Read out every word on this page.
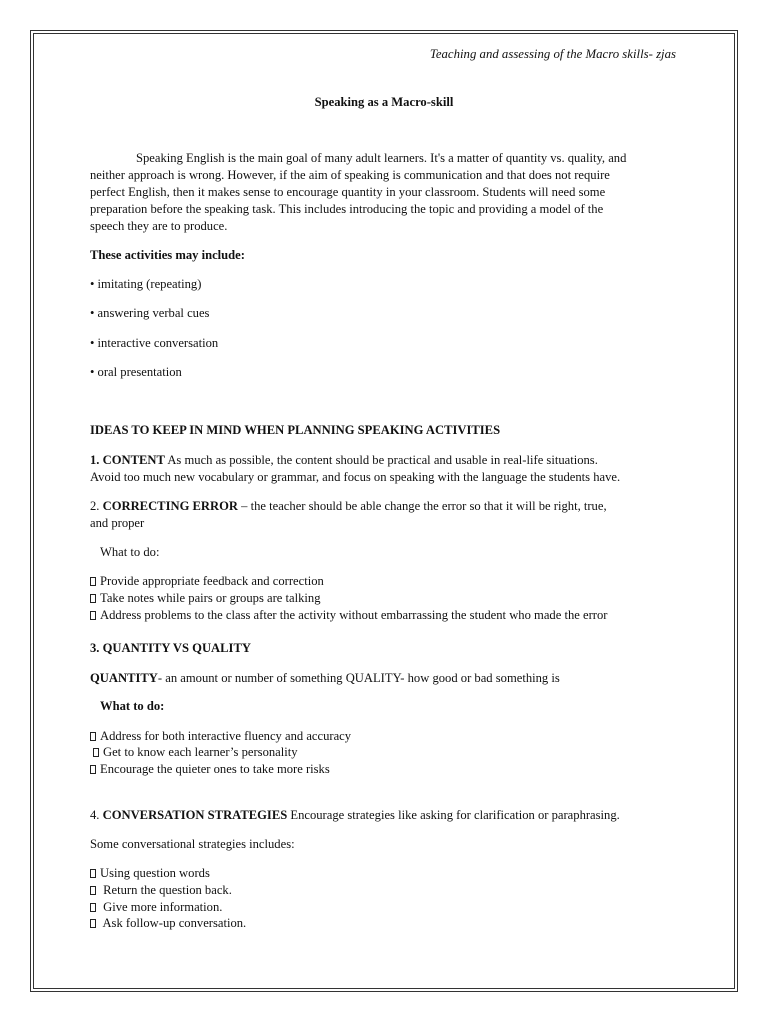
Teaching and assessing of the Macro skills- zjas
Speaking as a Macro-skill

Speaking English is the main goal of many adult learners. It's a matter of quantity vs. quality, and

neither approach is wrong. However, if the aim of speaking is communication and that does not require

perfect English, then it makes sense to encourage quantity in your classroom. Students will need some

preparation before the speaking task. This includes introducing the topic and providing a model of the

speech they are to produce.

These activities may include:
• imitating (repeating)
• answering verbal cues
• interactive conversation
• oral presentation
IDEAS TO KEEP IN MIND WHEN PLANNING SPEAKING ACTIVITIES
1. CONTENT As much as possible, the content should be practical and usable in real-life situations.
Avoid too much new vocabulary or grammar, and focus on speaking with the language the students have.
2. CORRECTING ERROR – the teacher should be able change the error so that it will be right, true,
and proper
What to do:
Provide appropriate feedback and correction
Take notes while pairs or groups are talking
Address problems to the class after the activity without embarrassing the student who made the error
3. QUANTITY VS QUALITY
QUANTITY- an amount or number of something QUALITY- how good or bad something is
What to do:
Address for both interactive fluency and accuracy
Get to know each learner’s personality
Encourage the quieter ones to take more risks
4. CONVERSATION STRATEGIES Encourage strategies like asking for clarification or paraphrasing.
Some conversational strategies includes:
Using question words
Return the question back.
Give more information.
Ask follow-up conversation.
